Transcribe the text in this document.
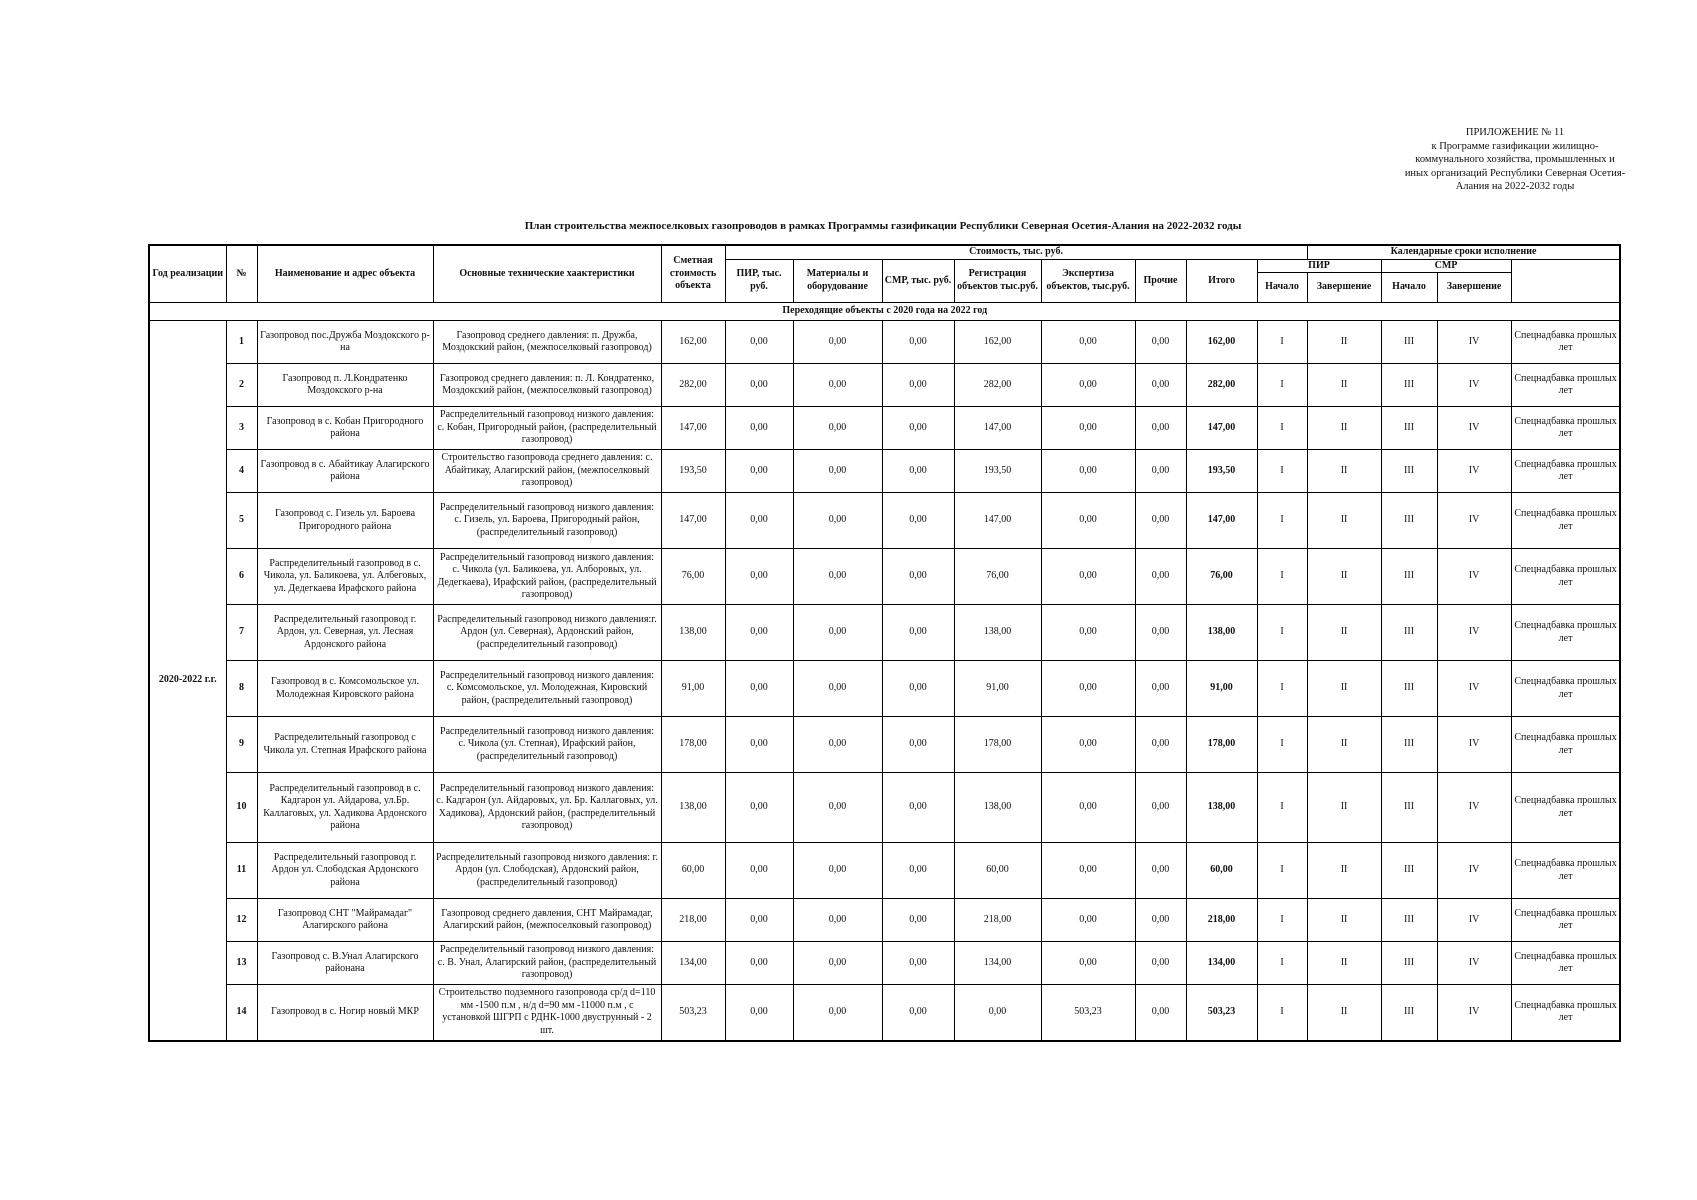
ПРИЛОЖЕНИЕ № 11
к Программе газификации жилищно-
коммунального хозяйства, промышленных и
иных организаций Республики Северная Осетия-
Алания на 2022-2032 годы
План строительства межпоселковых газопроводов в рамках Программы газификации Республики Северная Осетия-Алания на 2022-2032 годы
Год реализации	№	Наименование и адрес объекта	Основные технические хаактеристики	Сметная стоимость объекта	Стоимость, тыс. руб.								Календарные сроки исполнение	
					ПИР, тыс. руб.	Материалы и оборудование	СМР, тыс. руб.	Регистрация объектов тыс.руб.	Экспертиза объектов, тыс.руб.	Прочие	Итого	ПИР		СМР			
												Начало	Завершение	Начало	Завершение		
Переходящие объекты с 2020 года на 2022 год																	
2020-2022 г.г.	1	Газопровод пос.Дружба Моздокского р-на	Газопровод среднего давления: п. Дружба, Моздокский район, (межпоселковый газопровод)	162,00	0,00	0,00	0,00	162,00	0,00	0,00	162,00	I	II	III	IV	Спецнадбавка прошлых лет	
	2	Газопровод п. Л.Кондратенко Моздокского р-на	Газопровод среднего давления: п. Л. Кондратенко, Моздокский район, (межпоселковый газопровод)	282,00	0,00	0,00	0,00	282,00	0,00	0,00	282,00	I	II	III	IV	Спецнадбавка прошлых лет	
	3	Газопровод в с. Кобан Пригородного района	Распределительный газопровод низкого давления: с. Кобан, Пригородный район, (распределительный газопровод)	147,00	0,00	0,00	0,00	147,00	0,00	0,00	147,00	I	II	III	IV	Спецнадбавка прошлых лет	
	4	Газопровод в с. Абайтикау Алагирского района	Строительство газопровода среднего давления: с. Абайтикау, Алагирский район, (межпоселковый газопровод)	193,50	0,00	0,00	0,00	193,50	0,00	0,00	193,50	I	II	III	IV	Спецнадбавка прошлых лет	
	5	Газопровод с. Гизель ул. Бароева Пригородного района	Распределительный газопровод низкого давления: с. Гизель, ул. Бароева, Пригородный район, (распределительный газопровод)	147,00	0,00	0,00	0,00	147,00	0,00	0,00	147,00	I	II	III	IV	Спецнадбавка прошлых лет	
	6	Распределительный газопровод в с. Чикола, ул. Баликоева, ул. Албеговых, ул. Дедегкаева Ирафского района	Распределительный газопровод низкого давления: с. Чикола (ул. Баликоева, ул. Алборовых, ул. Дедегкаева), Ирафский район, (распределительный газопровод)	76,00	0,00	0,00	0,00	76,00	0,00	0,00	76,00	I	II	III	IV	Спецнадбавка прошлых лет	
	7	Распределительный газопровод г. Ардон, ул. Северная, ул. Лесная Ардонского района	Распределительный газопровод низкого давления:г. Ардон (ул. Северная), Ардонский район, (распределительный газопровод)	138,00	0,00	0,00	0,00	138,00	0,00	0,00	138,00	I	II	III	IV	Спецнадбавка прошлых лет	
	8	Газопровод в с. Комсомольское ул. Молодежная Кировского района	Распределительный газопровод низкого давления: с. Комсомольское, ул. Молодежная, Кировский район, (распределительный газопровод)	91,00	0,00	0,00	0,00	91,00	0,00	0,00	91,00	I	II	III	IV	Спецнадбавка прошлых лет	
	9	Распределительный газопровод с Чикола ул. Степная Ирафского района	Распределительный газопровод низкого давления: с. Чикола (ул. Степная), Ирафский район, (распределительный газопровод)	178,00	0,00	0,00	0,00	178,00	0,00	0,00	178,00	I	II	III	IV	Спецнадбавка прошлых лет	
	10	Распределительный газопровод в с. Кадгарон ул. Айдарова, ул.Бр. Каллаговых, ул. Хадикова Ардонского района	Распределительный газопровод низкого давления: с. Кадгарон (ул. Айдаровых, ул. Бр. Каллаговых, ул. Хадикова), Ардонский район, (распределительный газопровод)	138,00	0,00	0,00	0,00	138,00	0,00	0,00	138,00	I	II	III	IV	Спецнадбавка прошлых лет	
	11	Распределительный газопровод г. Ардон ул. Слободская Ардонского района	Распределительный газопровод низкого давления: г. Ардон (ул. Слободская), Ардонский район, (распределительный газопровод)	60,00	0,00	0,00	0,00	60,00	0,00	0,00	60,00	I	II	III	IV	Спецнадбавка прошлых лет	
	12	Газопровод СНТ "Майрамадаг" Алагирского района	Газопровод среднего давления, СНТ Майрамадаг, Алагирский район, (межпоселковый газопровод)	218,00	0,00	0,00	0,00	218,00	0,00	0,00	218,00	I	II	III	IV	Спецнадбавка прошлых лет	
	13	Газопровод с. В.Унал Алагирского районана	Распределительный газопровод низкого давления: с. В. Унал, Алагирский район, (распределительный газопровод)	134,00	0,00	0,00	0,00	134,00	0,00	0,00	134,00	I	II	III	IV	Спецнадбавка прошлых лет	
	14	Газопровод в с. Ногир новый МКР	Строительство подземного газопровода ср/д d=110 мм -1500 п.м , н/д d=90 мм -11000 п.м , с установкой ШГРП с РДНК-1000 двуструнный - 2 шт.	503,23	0,00	0,00	0,00	0,00	503,23	0,00	503,23	I	II	III	IV	Спецнадбавка прошлых лет	
